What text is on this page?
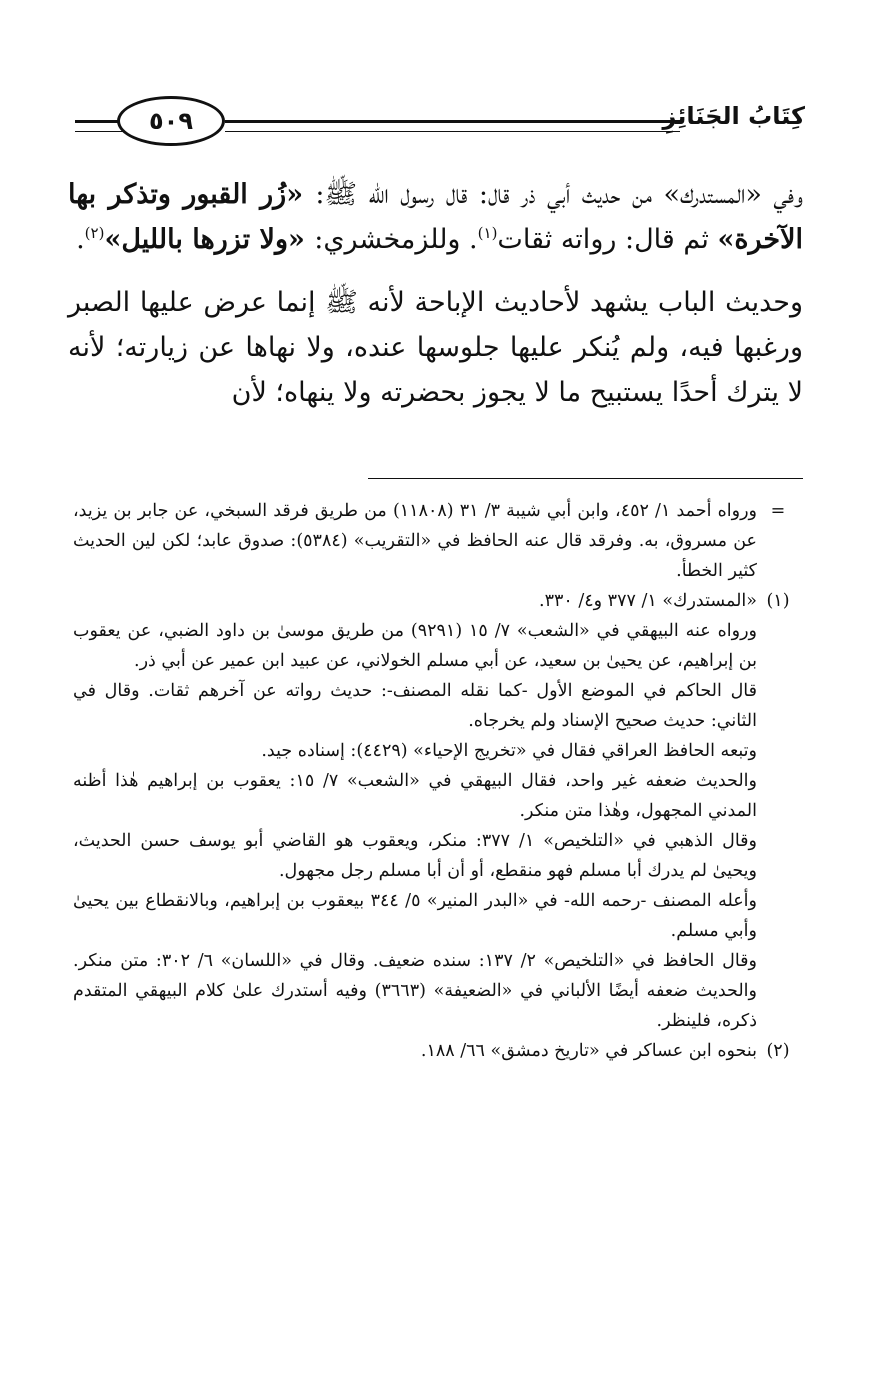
كِتَابُ الجَنَائِزِ
٥٠٩

وفي «المستدرك» من حديث أبي ذر قال: قال رسول الله ﷺ: «زُر القبور وتذكر بها الآخرة» ثم قال: رواته ثقات$^{(١)}$. وللزمخشري: «ولا تزرها بالليل»$^{(٢)}$.

وحديث الباب يشهد لأحاديث الإباحة لأنه ﷺ إنما عرض عليها الصبر ورغبها فيه، ولم يُنكر عليها جلوسها عنده، ولا نهاها عن زيارته؛ لأنه لا يترك أحدًا يستبيح ما لا يجوز بحضرته ولا ينهاه؛ لأن

=
ورواه أحمد ١/ ٤٥٢، وابن أبي شيبة ٣/ ٣١ (١١٨٠٨) من طريق فرقد السبخي، عن جابر بن يزيد، عن مسروق، به. وفرقد قال عنه الحافظ في «التقريب» (٥٣٨٤): صدوق عابد؛ لكن لين الحديث كثير الخطأ.

(١)
«المستدرك» ١/ ٣٧٧ و٤/ ٣٣٠.

ورواه عنه البيهقي في «الشعب» ٧/ ١٥ (٩٢٩١) من طريق موسىٰ بن داود الضبي، عن يعقوب بن إبراهيم، عن يحيىٰ بن سعيد، عن أبي مسلم الخولاني، عن عبيد ابن عمير عن أبي ذر.

قال الحاكم في الموضع الأول -كما نقله المصنف-: حديث رواته عن آخرهم ثقات. وقال في الثاني: حديث صحيح الإسناد ولم يخرجاه.

وتبعه الحافظ العراقي فقال في «تخريج الإحياء» (٤٤٢٩): إسناده جيد.

والحديث ضعفه غير واحد، فقال البيهقي في «الشعب» ٧/ ١٥: يعقوب بن إبراهيم هٰذا أظنه المدني المجهول، وهٰذا متن منكر.

وقال الذهبي في «التلخيص» ١/ ٣٧٧: منكر، ويعقوب هو القاضي أبو يوسف حسن الحديث، ويحيىٰ لم يدرك أبا مسلم فهو منقطع، أو أن أبا مسلم رجل مجهول.

وأعله المصنف -رحمه الله- في «البدر المنير» ٥/ ٣٤٤ بيعقوب بن إبراهيم، وبالانقطاع بين يحيىٰ وأبي مسلم.

وقال الحافظ في «التلخيص» ٢/ ١٣٧: سنده ضعيف. وقال في «اللسان» ٦/ ٣٠٢: متن منكر. والحديث ضعفه أيضًا الألباني في «الضعيفة» (٣٦٦٣) وفيه أستدرك علىٰ كلام البيهقي المتقدم ذكره، فلينظر.

(٢)
بنحوه ابن عساكر في «تاريخ دمشق» ٦٦/ ١٨٨.
